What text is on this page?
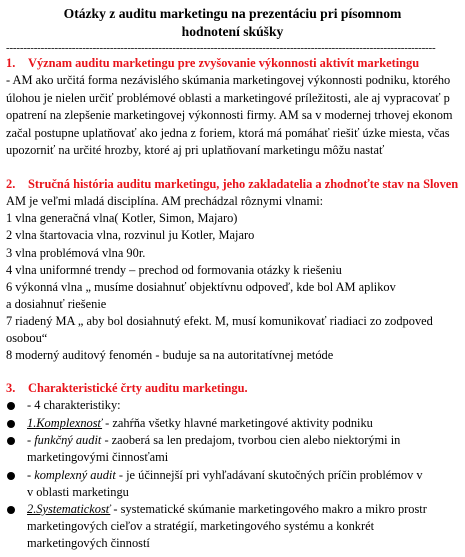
Otázky z auditu marketingu na prezentáciu pri písomnom
hodnotení skúšky
----------------------------------------------------------------------------------------------------------------------------
1. Význam auditu marketingu pre zvyšovanie výkonnosti aktivít marketingu
- AM ako určitá forma nezávislého skúmania marketingovej výkonnosti podniku, ktorého
úlohou je nielen určiť problémové oblasti a marketingové príležitosti, ale aj vypracovať p
opatrení na zlepšenie marketingovej výkonnosti firmy. AM sa v modernej trhovej ekonom
začal postupne uplatňovať ako jedna z foriem, ktorá má pomáhať riešiť úzke miesta, včas
upozorniť na určité hrozby, ktoré aj pri uplatňovaní marketingu môžu nastať
2. Stručná história auditu marketingu, jeho zakladatelia a zhodnoťte stav na Sloven
AM je veľmi mladá disciplína. AM prechádzal rôznymi vlnami:
1 vlna generačná vlna( Kotler, Simon, Majaro)
2 vlna štartovacia vlna, rozvinul ju Kotler, Majaro
3 vlna problémová vlna 90r.
4 vlna uniformné trendy – prechod od formovania otázky k riešeniu
6 výkonná vlna „ musíme dosiahnuť objektívnu odpoveď, kde bol AM aplikov
a dosiahnuť riešenie
7 riadený MA „ aby bol dosiahnutý efekt. M, musí komunikovať riadiaci zo zodpoved
osobou“
8 moderný auditový fenomén - buduje sa na autoritatívnej metóde
3. Charakteristické črty auditu marketingu.
- 4 charakteristiky:
1.Komplexnosť - zahŕňa všetky hlavné marketingové aktivity podniku
- funkčný audit - zaoberá sa len predajom, tvorbou cien alebo niektorými in
marketingovými činnosťami
- komplexný audit - je účinnejší pri vyhľadávaní skutočných príčin problémov v
v oblasti marketingu
2.Systematickosť - systematické skúmanie marketingového makro a mikro prostr
marketingových cieľov a stratégií, marketingového systému a konkrét
marketingových činností
